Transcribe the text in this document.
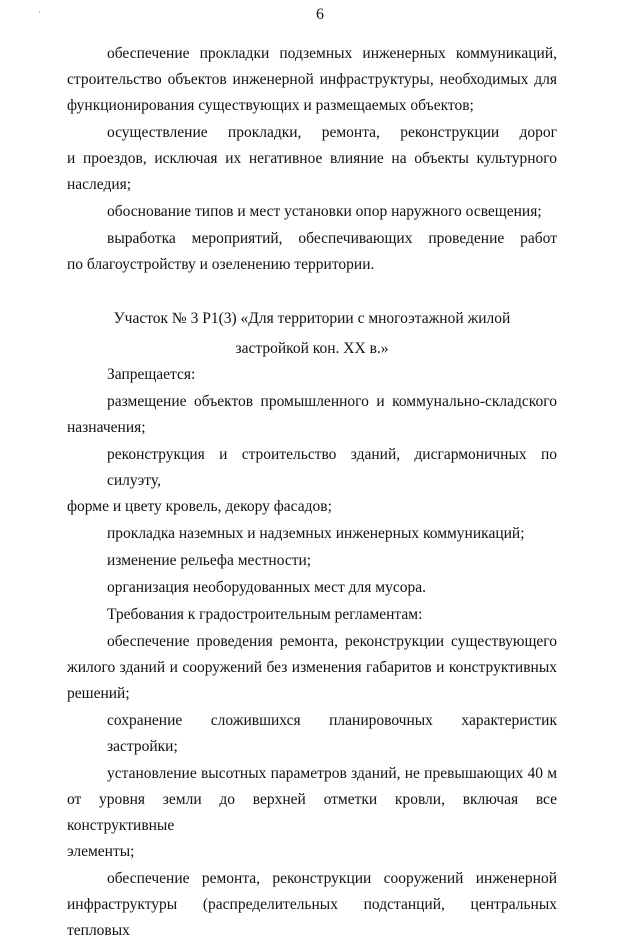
˙	6
обеспечение прокладки подземных инженерных коммуникаций,
строительство объектов инженерной инфраструктуры, необходимых для
функционирования существующих и размещаемых объектов;
осуществление прокладки, ремонта, реконструкции дорог
и проездов, исключая их негативное влияние на объекты культурного
наследия;
обоснование типов и мест установки опор наружного освещения;
выработка мероприятий, обеспечивающих проведение работ
по благоустройству и озеленению территории.
Участок № 3 Р1(3) «Для территории с многоэтажной жилой
застройкой кон. XX в.»
Запрещается:
размещение объектов промышленного и коммунально-складского
назначения;
реконструкция и строительство зданий, дисгармоничных по силуэту,
форме и цвету кровель, декору фасадов;
прокладка наземных и надземных инженерных коммуникаций;
изменение рельефа местности;
организация необорудованных мест для мусора.
Требования к градостроительным регламентам:
обеспечение проведения ремонта, реконструкции существующего
жилого зданий и сооружений без изменения габаритов и конструктивных
решений;
сохранение сложившихся планировочных характеристик застройки;
установление высотных параметров зданий, не превышающих 40 м
от уровня земли до верхней отметки кровли, включая все конструктивные
элементы;
обеспечение ремонта, реконструкции сооружений инженерной
инфраструктуры (распределительных подстанций, центральных тепловых
